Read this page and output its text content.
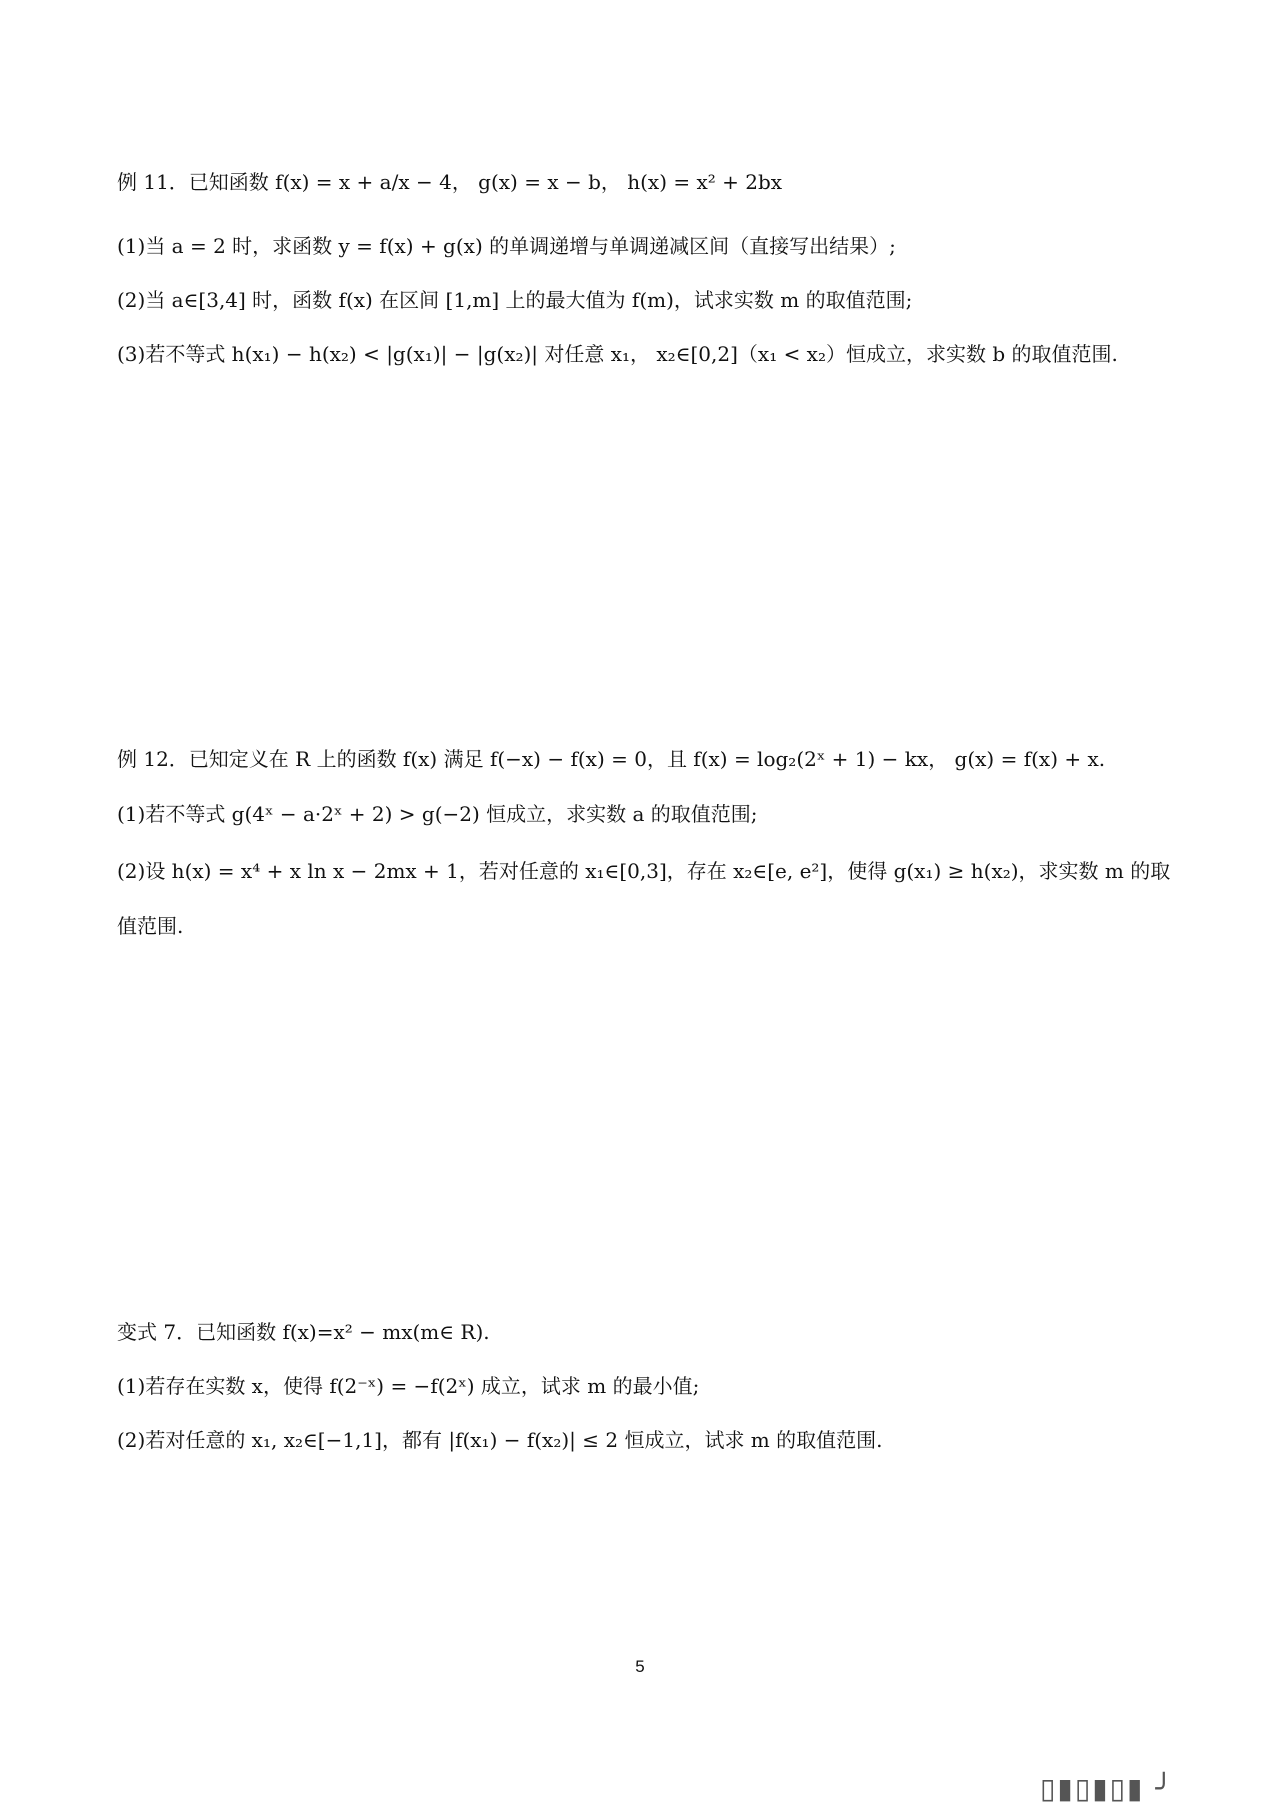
例 11．已知函数 f(x) = x + a/x − 4， g(x) = x − b， h(x) = x² + 2bx
(1)当 a = 2 时，求函数 y = f(x) + g(x) 的单调递增与单调递减区间（直接写出结果）;
(2)当 a∈[3,4] 时，函数 f(x) 在区间 [1,m] 上的最大值为 f(m)，试求实数 m 的取值范围;
(3)若不等式 h(x₁) − h(x₂) < |g(x₁)| − |g(x₂)| 对任意 x₁， x₂∈[0,2]（x₁ < x₂）恒成立，求实数 b 的取值范围.
例 12．已知定义在 R 上的函数 f(x) 满足 f(−x) − f(x) = 0，且 f(x) = log₂(2ˣ + 1) − kx， g(x) = f(x) + x.
(1)若不等式 g(4ˣ − a·2ˣ + 2) > g(−2) 恒成立，求实数 a 的取值范围;
(2)设 h(x) = x⁴ + x ln x − 2mx + 1，若对任意的 x₁∈[0,3]，存在 x₂∈[e, e²]，使得 g(x₁) ≥ h(x₂)，求实数 m 的取
值范围.
变式 7．已知函数 f(x)=x² − mx(m∈ R).
(1)若存在实数 x，使得 f(2⁻ˣ) = −f(2ˣ) 成立，试求 m 的最小值;
(2)若对任意的 x₁, x₂∈[−1,1]，都有 |f(x₁) − f(x₂)| ≤ 2 恒成立，试求 m 的取值范围.
5
▯▮▯▮▯▮ ╯
